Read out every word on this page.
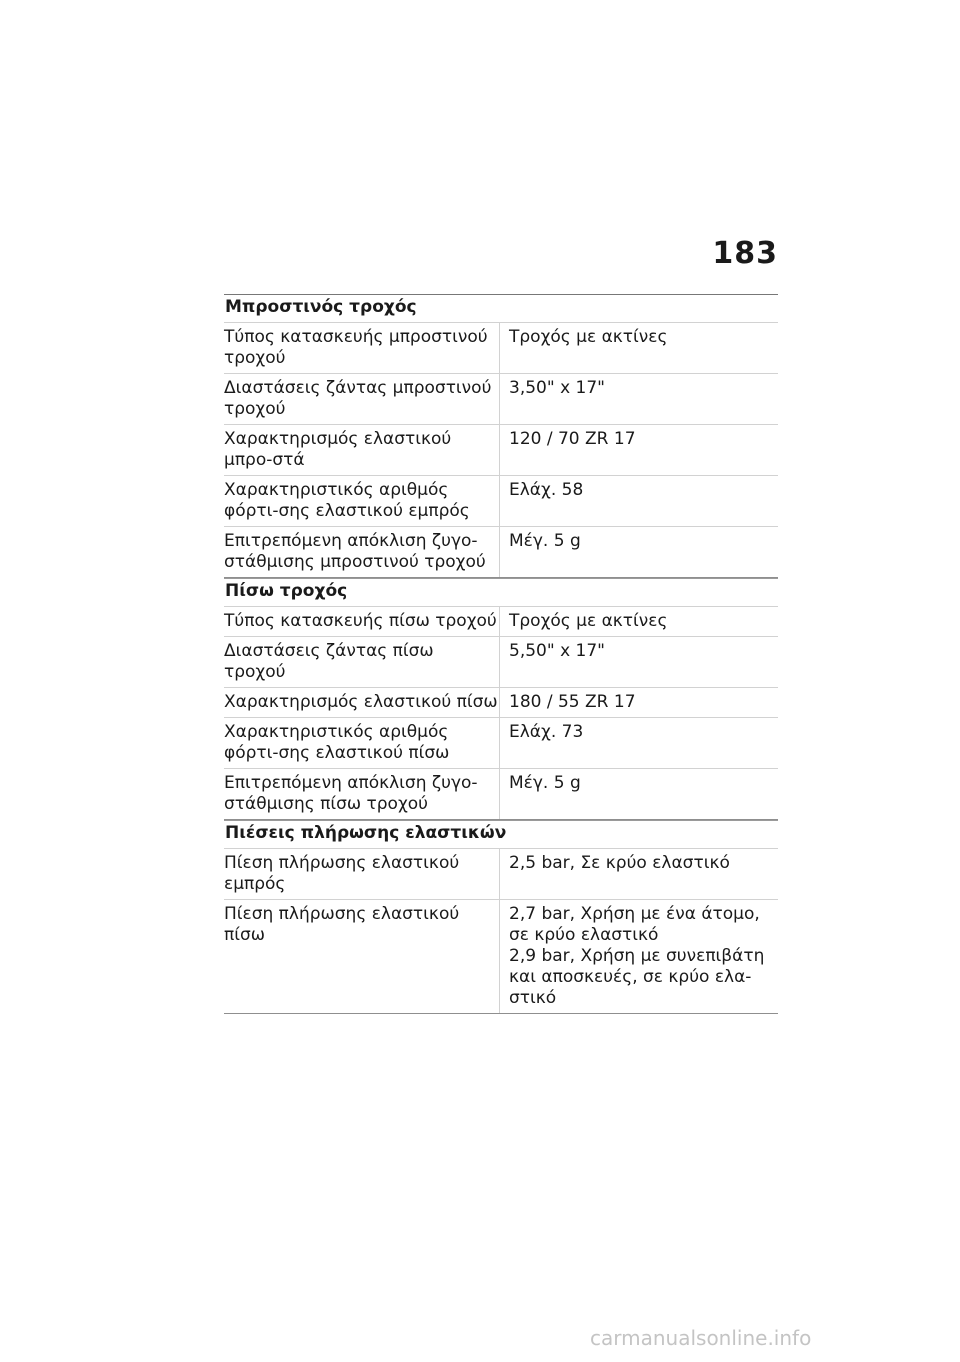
183
Μπροστινός τροχός
Τύπος κατασκευής μπροστινού τροχού
Τροχός με ακτίνες
Διαστάσεις ζάντας μπροστινού τροχού
3,50" x 17"
Χαρακτηρισμός ελαστικού μπρο-στά
120 / 70 ZR 17
Χαρακτηριστικός αριθμός φόρτι-σης ελαστικού εμπρός
Ελάχ. 58
Επιτρεπόμενη απόκλιση ζυγο-στάθμισης μπροστινού τροχού
Μέγ. 5 g
Πίσω τροχός
Τύπος κατασκευής πίσω τροχού Τροχός με ακτίνες
Διαστάσεις ζάντας πίσω τροχού
5,50" x 17"
Χαρακτηρισμός ελαστικού πίσω 180 / 55 ZR 17
Χαρακτηριστικός αριθμός φόρτι-σης ελαστικού πίσω
Ελάχ. 73
Επιτρεπόμενη απόκλιση ζυγο-στάθμισης πίσω τροχού
Μέγ. 5 g
Πιέσεις πλήρωσης ελαστικών
Πίεση πλήρωσης ελαστικού εμπρός
2,5 bar, Σε κρύο ελαστικό
Πίεση πλήρωσης ελαστικού πίσω
2,7 bar, Χρήση με ένα άτομο, σε κρύο ελαστικό
2,9 bar, Χρήση με συνεπιβάτη και αποσκευές, σε κρύο ελα-στικό
carmanualsonline.info
